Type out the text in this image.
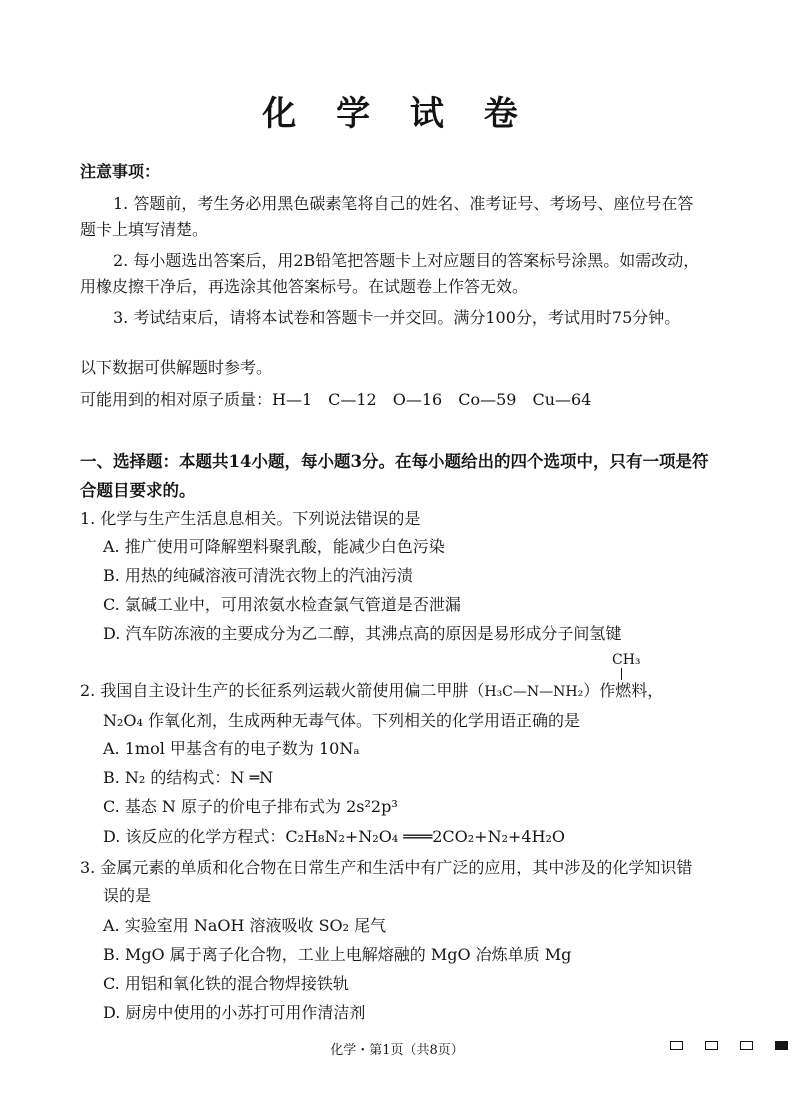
化 学 试 卷
注意事项：
1. 答题前，考生务必用黑色碳素笔将自己的姓名、准考证号、考场号、座位号在答
题卡上填写清楚。
2. 每小题选出答案后，用2B铅笔把答题卡上对应题目的答案标号涂黑。如需改动，
用橡皮擦干净后，再选涂其他答案标号。在试题卷上作答无效。
3. 考试结束后，请将本试卷和答题卡一并交回。满分100分，考试用时75分钟。
以下数据可供解题时参考。
可能用到的相对原子质量：H—1　C—12　O—16　Co—59　Cu—64
一、选择题：本题共14小题，每小题3分。在每小题给出的四个选项中，只有一项是符
合题目要求的。
1. 化学与生产生活息息相关。下列说法错误的是
A. 推广使用可降解塑料聚乳酸，能减少白色污染
B. 用热的纯碱溶液可清洗衣物上的汽油污渍
C. 氯碱工业中，可用浓氨水检查氯气管道是否泄漏
D. 汽车防冻液的主要成分为乙二醇，其沸点高的原因是易形成分子间氢键
CH₃
2. 我国自主设计生产的长征系列运载火箭使用偏二甲肼（H₃C—N—NH₂）作燃料，
N₂O₄ 作氧化剂，生成两种无毒气体。下列相关的化学用语正确的是
A. 1mol 甲基含有的电子数为 10Nₐ
B. N₂ 的结构式：N ═N
C. 基态 N 原子的价电子排布式为 2s²2p³
D. 该反应的化学方程式：C₂H₈N₂+N₂O₄ ═══2CO₂+N₂+4H₂O
3. 金属元素的单质和化合物在日常生产和生活中有广泛的应用，其中涉及的化学知识错
误的是
A. 实验室用 NaOH 溶液吸收 SO₂ 尾气
B. MgO 属于离子化合物，工业上电解熔融的 MgO 冶炼单质 Mg
C. 用铝和氧化铁的混合物焊接铁轨
D. 厨房中使用的小苏打可用作清洁剂
化学・第1页（共8页）
